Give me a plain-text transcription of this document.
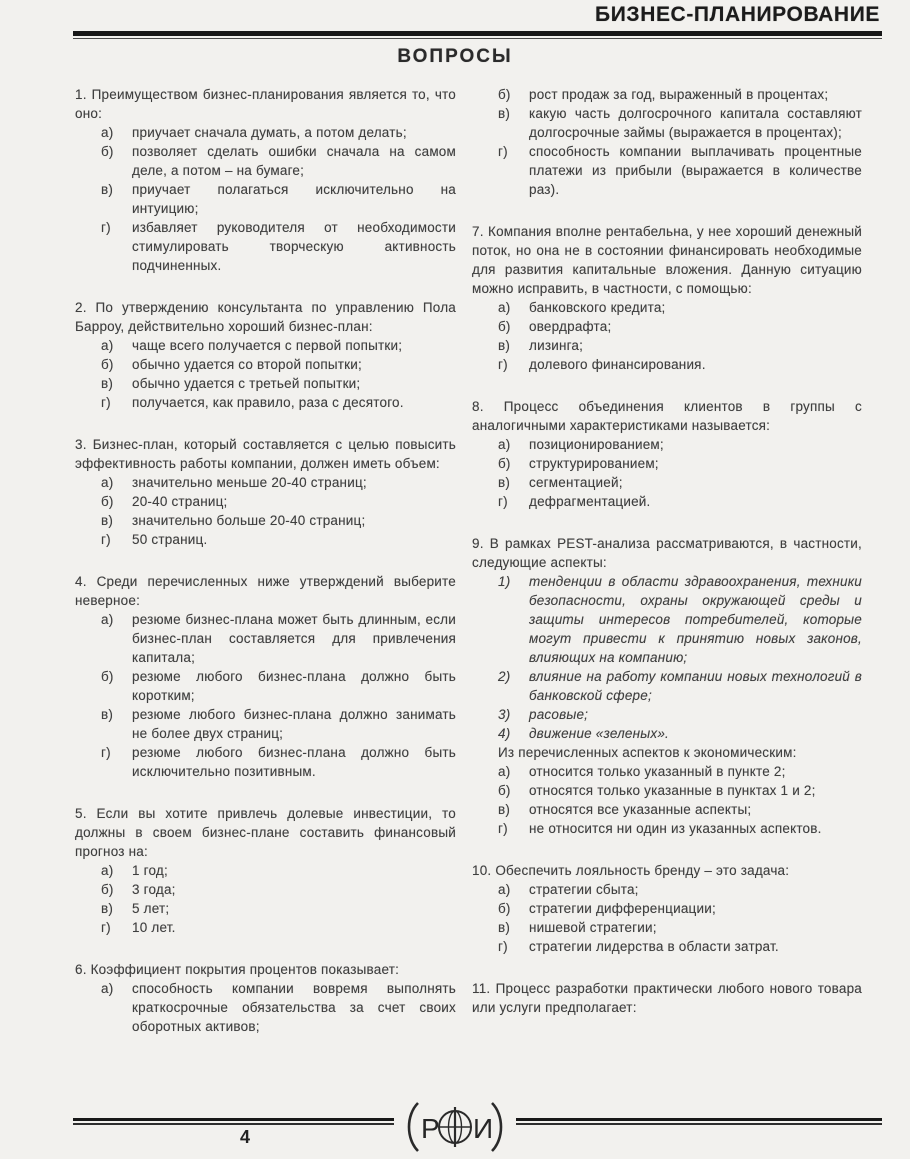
БИЗНЕС-ПЛАНИРОВАНИЕ
ВОПРОСЫ

1. Преимуществом бизнес-планирования является то, что оно:

а) приучает сначала думать, а потом делать;
б) позволяет сделать ошибки сначала на самом деле, а потом – на бумаге;
в) приучает полагаться исключительно на интуицию;
г) избавляет руководителя от необходимости стимулировать творческую активность подчиненных.

2. По утверждению консультанта по управлению Пола Барроу, действительно хороший бизнес-план:

а) чаще всего получается с первой попытки;
б) обычно удается со второй попытки;
в) обычно удается с третьей попытки;
г) получается, как правило, раза с десятого.

3. Бизнес-план, который составляется с целью повысить эффективность работы компании, должен иметь объем:

а) значительно меньше 20-40 страниц;
б) 20-40 страниц;
в) значительно больше 20-40 страниц;
г) 50 страниц.

4. Среди перечисленных ниже утверждений выберите неверное:

а) резюме бизнес-плана может быть длинным, если бизнес-план составляется для привлечения капитала;
б) резюме любого бизнес-плана должно быть коротким;
в) резюме любого бизнес-плана должно занимать не более двух страниц;
г) резюме любого бизнес-плана должно быть исключительно позитивным.

5. Если вы хотите привлечь долевые инвестиции, то должны в своем бизнес-плане составить финансовый прогноз на:

а) 1 год;
б) 3 года;
в) 5 лет;
г) 10 лет.

6. Коэффициент покрытия процентов показывает:

а) способность компании вовремя выполнять краткосрочные обязательства за счет своих оборотных активов;
б) рост продаж за год, выраженный в процентах;
в) какую часть долгосрочного капитала составляют долгосрочные займы (выражается в процентах);
г) способность компании выплачивать процентные платежи из прибыли (выражается в количестве раз).

7. Компания вполне рентабельна, у нее хороший денежный поток, но она не в состоянии финансировать необходимые для развития капитальные вложения. Данную ситуацию можно исправить, в частности, с помощью:

а) банковского кредита;
б) овердрафта;
в) лизинга;
г) долевого финансирования.

8. Процесс объединения клиентов в группы с аналогичными характеристиками называется:

а) позиционированием;
б) структурированием;
в) сегментацией;
г) дефрагментацией.

9. В рамках PEST-анализа рассматриваются, в частности, следующие аспекты:

1) тенденции в области здравоохранения, техники безопасности, охраны окружающей среды и защиты интересов потребителей, которые могут привести к принятию новых законов, влияющих на компанию;
2) влияние на работу компании новых технологий в банковской сфере;
3) расовые;
4) движение «зеленых».
Из перечисленных аспектов к экономическим:
а) относится только указанный в пункте 2;
б) относятся только указанные в пунктах 1 и 2;
в) относятся все указанные аспекты;
г) не относится ни один из указанных аспектов.

10. Обеспечить лояльность бренду – это задача:

а) стратегии сбыта;
б) стратегии дифференциации;
в) нишевой стратегии;
г) стратегии лидерства в области затрат.

11. Процесс разработки практически любого нового товара или услуги предполагает:

Р И
Ф
4
